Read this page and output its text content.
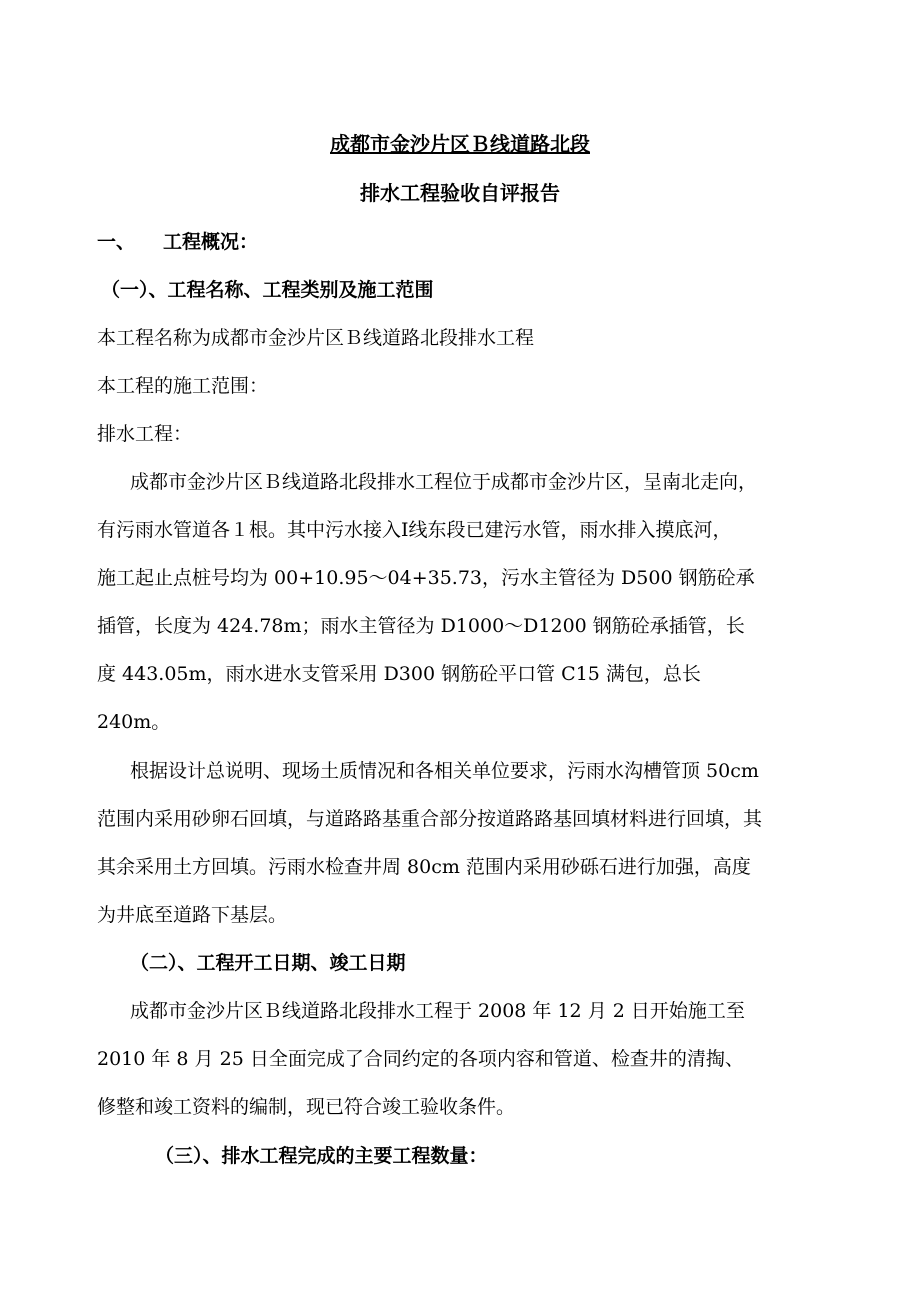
成都市金沙片区Ｂ线道路北段
排水工程验收自评报告
一、 工程概况：
（一）、工程名称、工程类别及施工范围
本工程名称为成都市金沙片区Ｂ线道路北段排水工程
本工程的施工范围：
排水工程：
成都市金沙片区Ｂ线道路北段排水工程位于成都市金沙片区，呈南北走向，
有污雨水管道各１根。其中污水接入Ⅰ线东段已建污水管，雨水排入摸底河，
施工起止点桩号均为 00+10.95～04+35.73，污水主管径为 D500 钢筋砼承
插管，长度为 424.78m；雨水主管径为 D1000～D1200 钢筋砼承插管，长
度 443.05m，雨水进水支管采用 D300 钢筋砼平口管 C15 满包，总长
240m。
根据设计总说明、现场土质情况和各相关单位要求，污雨水沟槽管顶 50cm
范围内采用砂卵石回填，与道路路基重合部分按道路路基回填材料进行回填，其
其余采用土方回填。污雨水检查井周 80cm 范围内采用砂砾石进行加强，高度
为井底至道路下基层。
（二）、工程开工日期、竣工日期
成都市金沙片区Ｂ线道路北段排水工程于 2008 年 12 月 2 日开始施工至
2010 年 8 月 25 日全面完成了合同约定的各项内容和管道、检查井的清掏、
修整和竣工资料的编制，现已符合竣工验收条件。
（三）、排水工程完成的主要工程数量：
